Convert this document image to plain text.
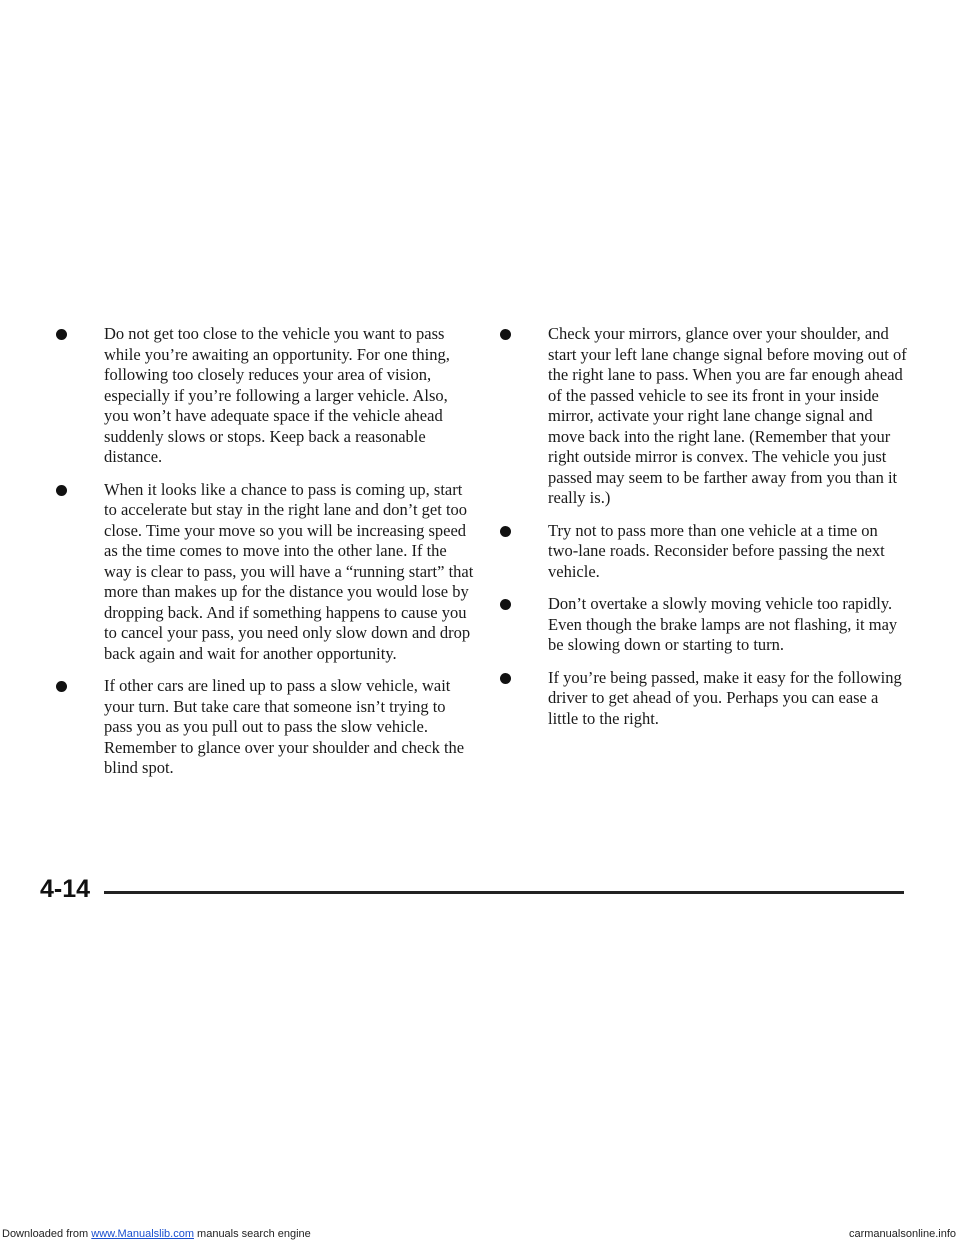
Do not get too close to the vehicle you want to pass while you’re awaiting an opportunity. For one thing, following too closely reduces your area of vision, especially if you’re following a larger vehicle. Also, you won’t have adequate space if the vehicle ahead suddenly slows or stops. Keep back a reasonable distance.
When it looks like a chance to pass is coming up, start to accelerate but stay in the right lane and don’t get too close. Time your move so you will be increasing speed as the time comes to move into the other lane. If the way is clear to pass, you will have a “running start” that more than makes up for the distance you would lose by dropping back. And if something happens to cause you to cancel your pass, you need only slow down and drop back again and wait for another opportunity.
If other cars are lined up to pass a slow vehicle, wait your turn. But take care that someone isn’t trying to pass you as you pull out to pass the slow vehicle. Remember to glance over your shoulder and check the blind spot.
Check your mirrors, glance over your shoulder, and start your left lane change signal before moving out of the right lane to pass. When you are far enough ahead of the passed vehicle to see its front in your inside mirror, activate your right lane change signal and move back into the right lane. (Remember that your right outside mirror is convex. The vehicle you just passed may seem to be farther away from you than it really is.)
Try not to pass more than one vehicle at a time on two-lane roads. Reconsider before passing the next vehicle.
Don’t overtake a slowly moving vehicle too rapidly. Even though the brake lamps are not flashing, it may be slowing down or starting to turn.
If you’re being passed, make it easy for the following driver to get ahead of you. Perhaps you can ease a little to the right.
4-14
Downloaded from www.Manualslib.com manuals search engine	carmanualsonline.info
